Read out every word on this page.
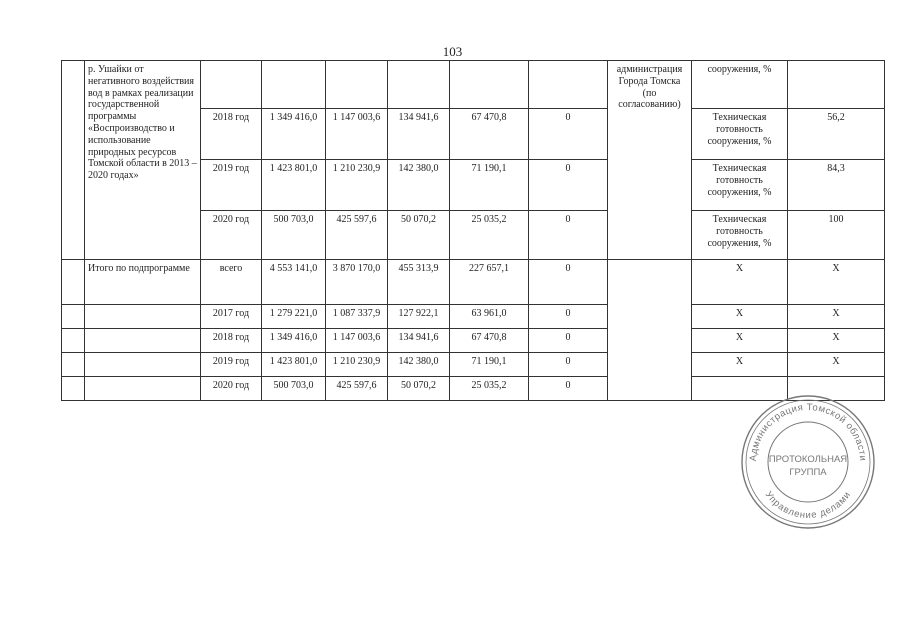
103
	р. Ушайки от негативного воздействия вод в рамках реализации государственной программы «Воспроизводство и использование природных ресурсов Томской области в 2013 – 2020 годах»							администрация Города Томска (по согласованию)	сооружения, %	
		2018 год	1 349 416,0	1 147 003,6	134 941,6	67 470,8	0		Техническая готовность сооружения, %	56,2
		2019 год	1 423 801,0	1 210 230,9	142 380,0	71 190,1	0		Техническая готовность сооружения, %	84,3
		2020 год	500 703,0	425 597,6	50 070,2	25 035,2	0		Техническая готовность сооружения, %	100
	Итого по подпрограмме	всего	4 553 141,0	3 870 170,0	455 313,9	227 657,1	0		Х	Х
		2017 год	1 279 221,0	1 087 337,9	127 922,1	63 961,0	0		Х	Х
		2018 год	1 349 416,0	1 147 003,6	134 941,6	67 470,8	0		Х	Х
		2019 год	1 423 801,0	1 210 230,9	142 380,0	71 190,1	0		Х	Х
		2020 год	500 703,0	425 597,6	50 070,2	25 035,2	0			
Администрация Томской области
Управление делами
ПРОТОКОЛЬНАЯ
ГРУППА
